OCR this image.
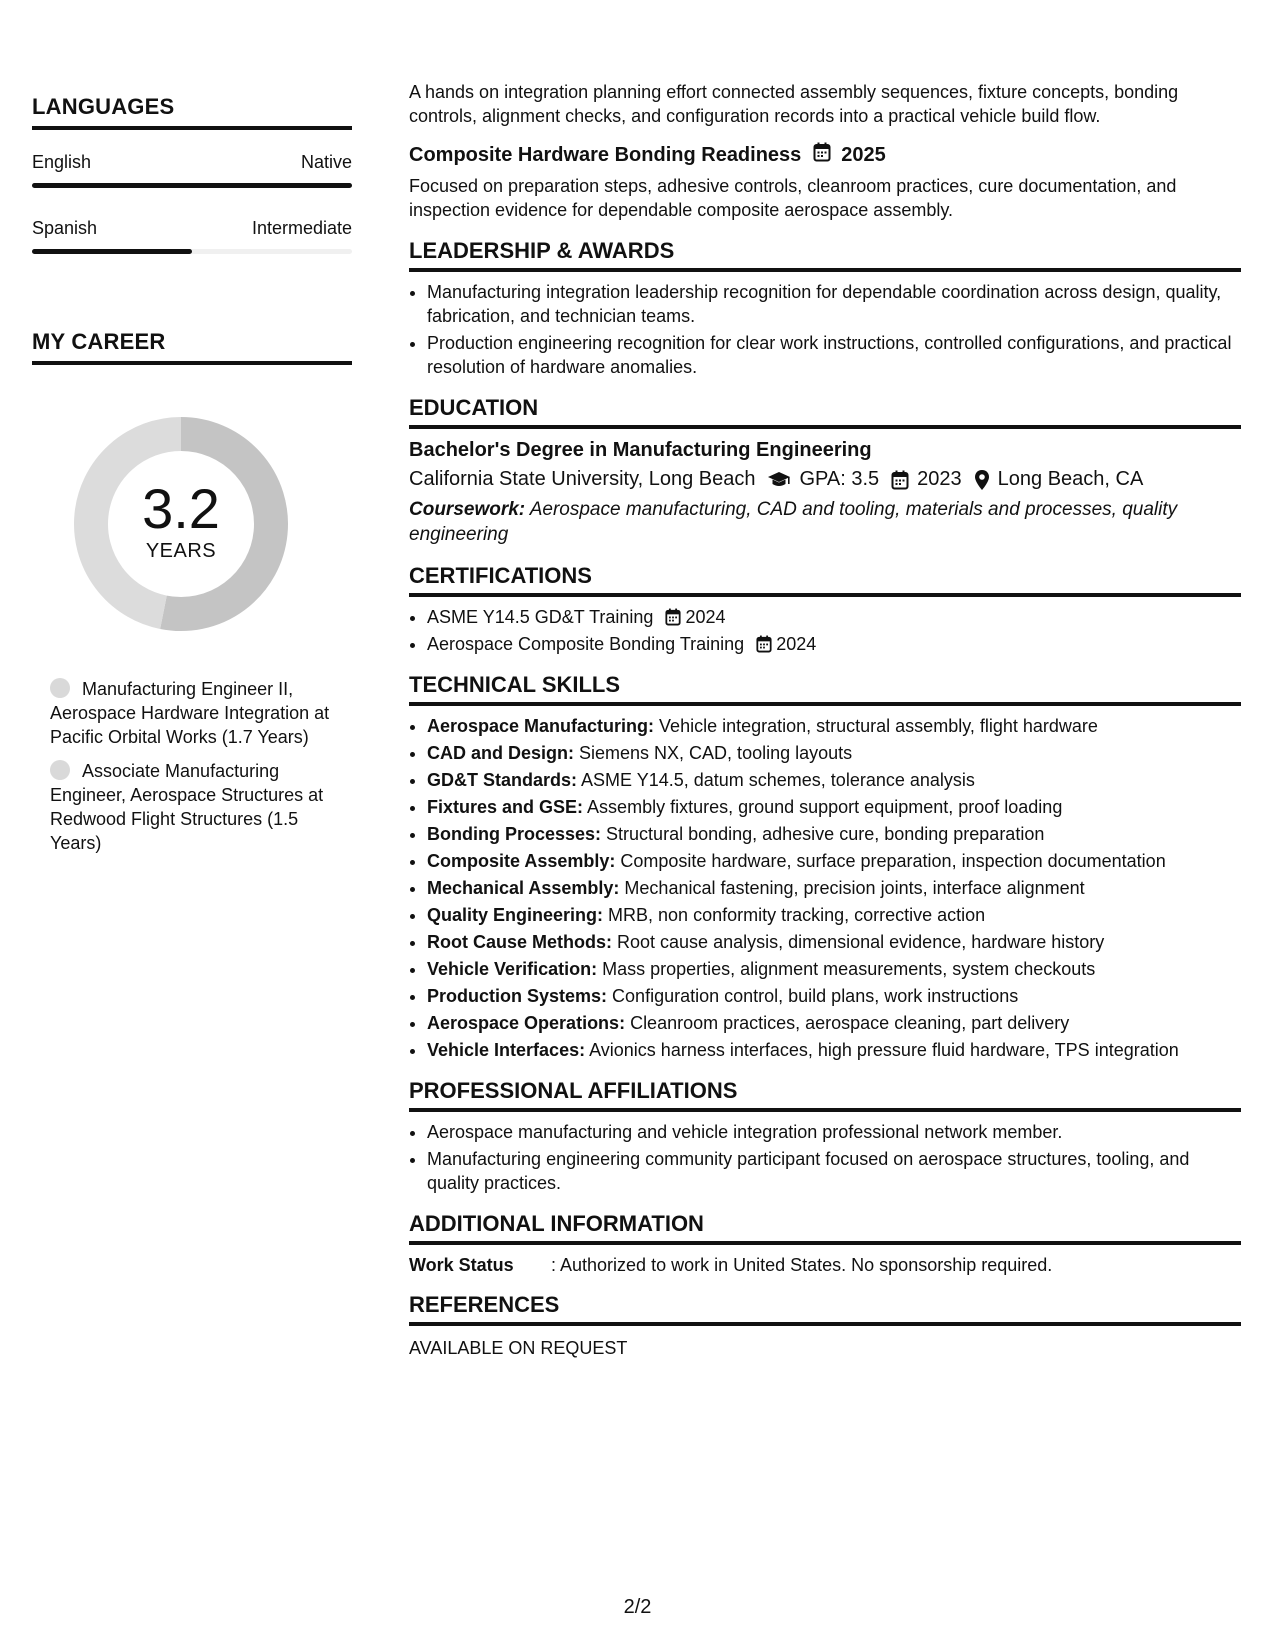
LANGUAGES
English	Native
Spanish	Intermediate
MY CAREER
3.2
YEARS
Manufacturing Engineer II, Aerospace Hardware Integration at Pacific Orbital Works (1.7 Years)
Associate Manufacturing Engineer, Aerospace Structures at Redwood Flight Structures (1.5 Years)

A hands on integration planning effort connected assembly sequences, fixture concepts, bonding controls, alignment checks, and configuration records into a practical vehicle build flow.

Composite Hardware Bonding Readiness 2025

Focused on preparation steps, adhesive controls, cleanroom practices, cure documentation, and inspection evidence for dependable composite aerospace assembly.

LEADERSHIP & AWARDS
• Manufacturing integration leadership recognition for dependable coordination across design, quality, fabrication, and technician teams.
• Production engineering recognition for clear work instructions, controlled configurations, and practical resolution of hardware anomalies.
EDUCATION
Bachelor's Degree in Manufacturing Engineering
California State University, Long Beach GPA: 3.5 2023 Long Beach, CA
Coursework: Aerospace manufacturing, CAD and tooling, materials and processes, quality engineering
CERTIFICATIONS
• ASME Y14.5 GD&T Training 2024
• Aerospace Composite Bonding Training 2024
TECHNICAL SKILLS
• Aerospace Manufacturing: Vehicle integration, structural assembly, flight hardware
• CAD and Design: Siemens NX, CAD, tooling layouts
• GD&T Standards: ASME Y14.5, datum schemes, tolerance analysis
• Fixtures and GSE: Assembly fixtures, ground support equipment, proof loading
• Bonding Processes: Structural bonding, adhesive cure, bonding preparation
• Composite Assembly: Composite hardware, surface preparation, inspection documentation
• Mechanical Assembly: Mechanical fastening, precision joints, interface alignment
• Quality Engineering: MRB, non conformity tracking, corrective action
• Root Cause Methods: Root cause analysis, dimensional evidence, hardware history
• Vehicle Verification: Mass properties, alignment measurements, system checkouts
• Production Systems: Configuration control, build plans, work instructions
• Aerospace Operations: Cleanroom practices, aerospace cleaning, part delivery
• Vehicle Interfaces: Avionics harness interfaces, high pressure fluid hardware, TPS integration
PROFESSIONAL AFFILIATIONS
• Aerospace manufacturing and vehicle integration professional network member.
• Manufacturing engineering community participant focused on aerospace structures, tooling, and quality practices.
ADDITIONAL INFORMATION
Work Status	: Authorized to work in United States. No sponsorship required.
REFERENCES
AVAILABLE ON REQUEST
2/2
